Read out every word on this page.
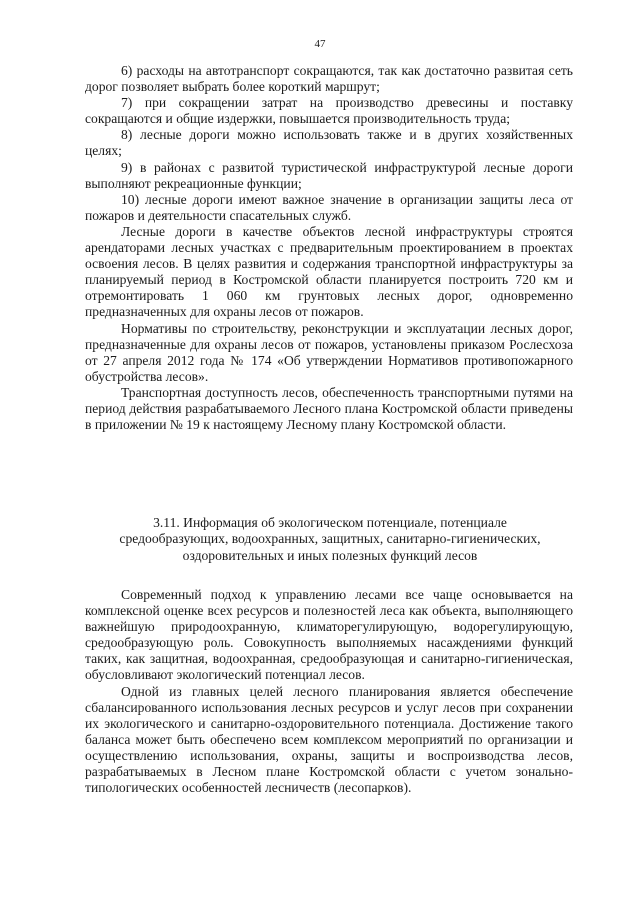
47

6) расходы на автотранспорт сокращаются, так как достаточно развитая сеть дорог позволяет выбрать более короткий маршрут;

7) при сокращении затрат на производство древесины и поставку сокращаются и общие издержки, повышается производительность труда;

8) лесные дороги можно использовать также и в других хозяйственных целях;

9) в районах с развитой туристической инфраструктурой лесные дороги выполняют рекреационные функции;

10) лесные дороги имеют важное значение в организации защиты леса от пожаров и деятельности спасательных служб.

Лесные дороги в качестве объектов лесной инфраструктуры строятся арендаторами лесных участках с предварительным проектированием в проектах освоения лесов. В целях развития и содержания транспортной инфраструктуры за планируемый период в Костромской области планируется построить 720 км и отремонтировать 1 060 км грунтовых лесных дорог, одновременно предназначенных для охраны лесов от пожаров.

Нормативы по строительству, реконструкции и эксплуатации лесных дорог, предназначенные для охраны лесов от пожаров, установлены приказом Рослесхоза от 27 апреля 2012 года № 174 «Об утверждении Нормативов противопожарного обустройства лесов».

Транспортная доступность лесов, обеспеченность транспортными путями на период действия разрабатываемого Лесного плана Костромской области приведены в приложении № 19 к настоящему Лесному плану Костромской области.

3.11. Информация об экологическом потенциале, потенциале средообразующих, водоохранных, защитных, санитарно-гигиенических, оздоровительных и иных полезных функций лесов

Современный подход к управлению лесами все чаще основывается на комплексной оценке всех ресурсов и полезностей леса как объекта, выполняющего важнейшую природоохранную, климаторегулирующую, водорегулирующую, средообразующую роль. Совокупность выполняемых насаждениями функций таких, как защитная, водоохранная, средообразующая и санитарно-гигиеническая, обусловливают экологический потенциал лесов.

Одной из главных целей лесного планирования является обеспечение сбалансированного использования лесных ресурсов и услуг лесов при сохранении их экологического и санитарно-оздоровительного потенциала. Достижение такого баланса может быть обеспечено всем комплексом мероприятий по организации и осуществлению использования, охраны, защиты и воспроизводства лесов, разрабатываемых в Лесном плане Костромской области с учетом зонально-типологических особенностей лесничеств (лесопарков).
